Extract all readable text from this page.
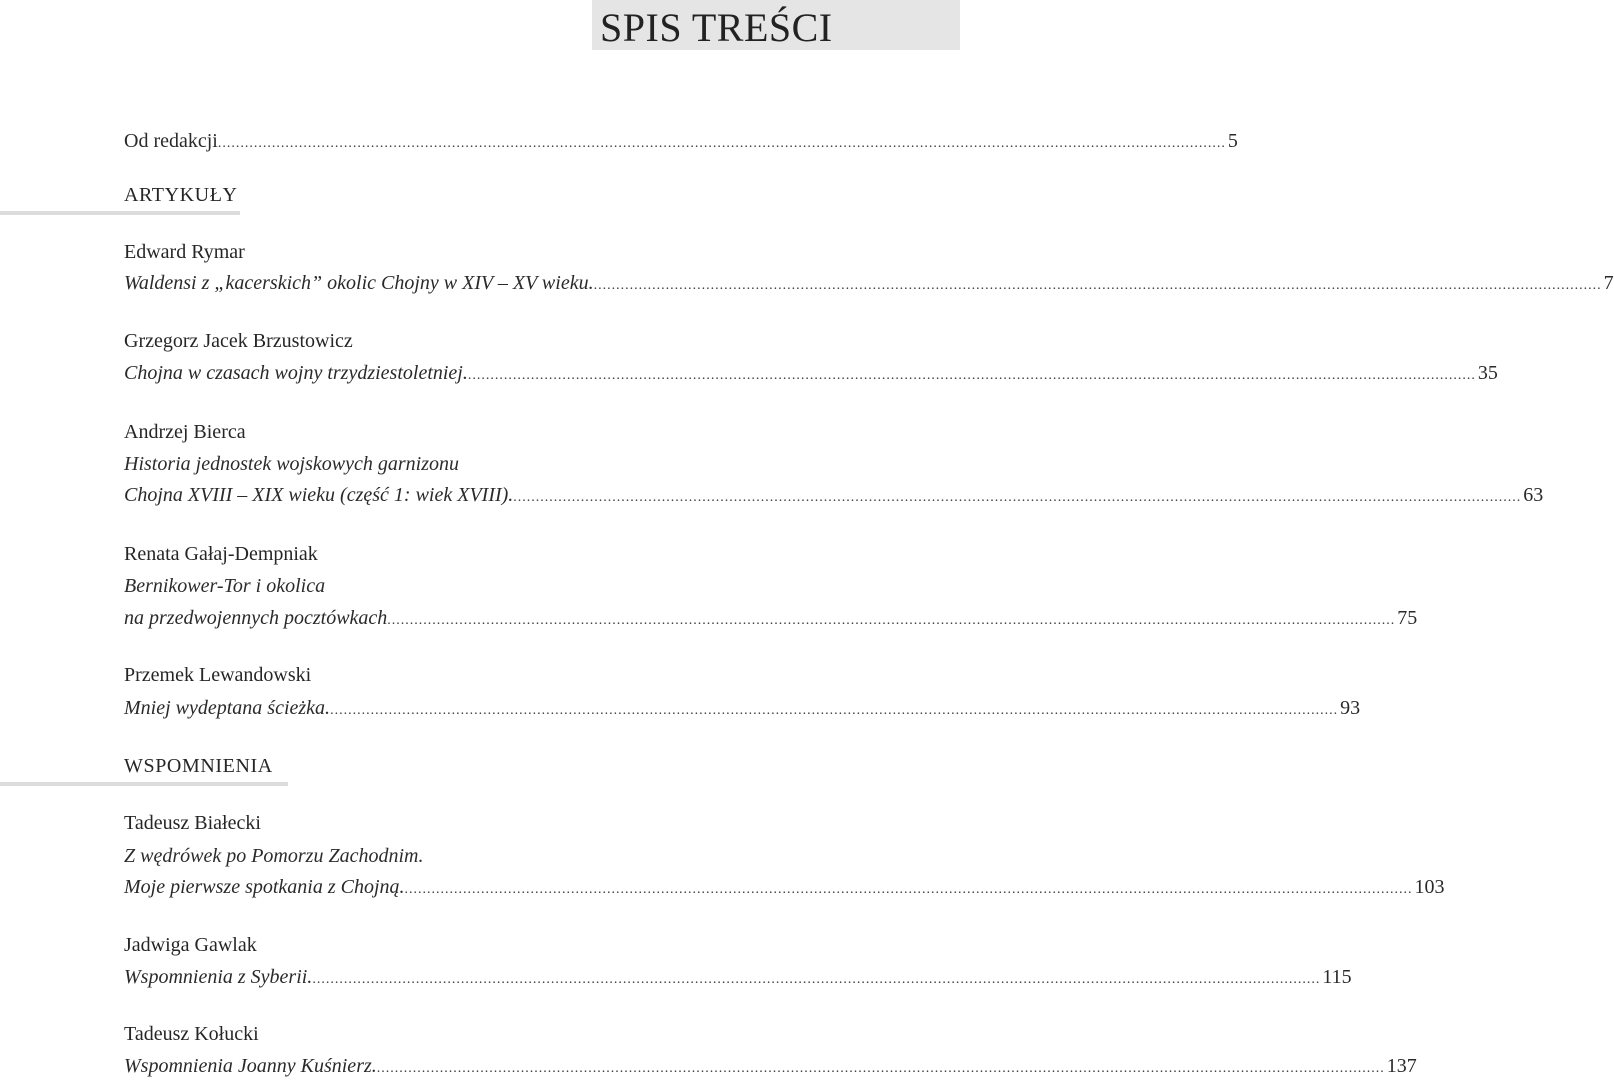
SPIS TREŚCI
Od redakcji ................................................................................................................................................................................................................................ 5
ARTYKUŁY
Edward Rymar
Waldensi z „kacerskich” okolic Chojny w XIV – XV wieku. ................................................................................................................................................................................................................................ 7
Grzegorz Jacek Brzustowicz
Chojna w czasach wojny trzydziestoletniej. ................................................................................................................................................................................................................................ 35
Andrzej Bierca
Historia jednostek wojskowych garnizonu
Chojna XVIII – XIX wieku (część 1: wiek XVIII). ................................................................................................................................................................................................................................ 63
Renata Gałaj-Dempniak
Bernikower-Tor i okolica
na przedwojennych pocztówkach ................................................................................................................................................................................................................................ 75
Przemek Lewandowski
Mniej wydeptana ścieżka. ................................................................................................................................................................................................................................ 93
WSPOMNIENIA
Tadeusz Białecki
Z wędrówek po Pomorzu Zachodnim.
Moje pierwsze spotkania z Chojną. ................................................................................................................................................................................................................................ 103
Jadwiga Gawlak
Wspomnienia z Syberii. ................................................................................................................................................................................................................................ 115
Tadeusz Kołucki
Wspomnienia Joanny Kuśnierz. ................................................................................................................................................................................................................................ 137
